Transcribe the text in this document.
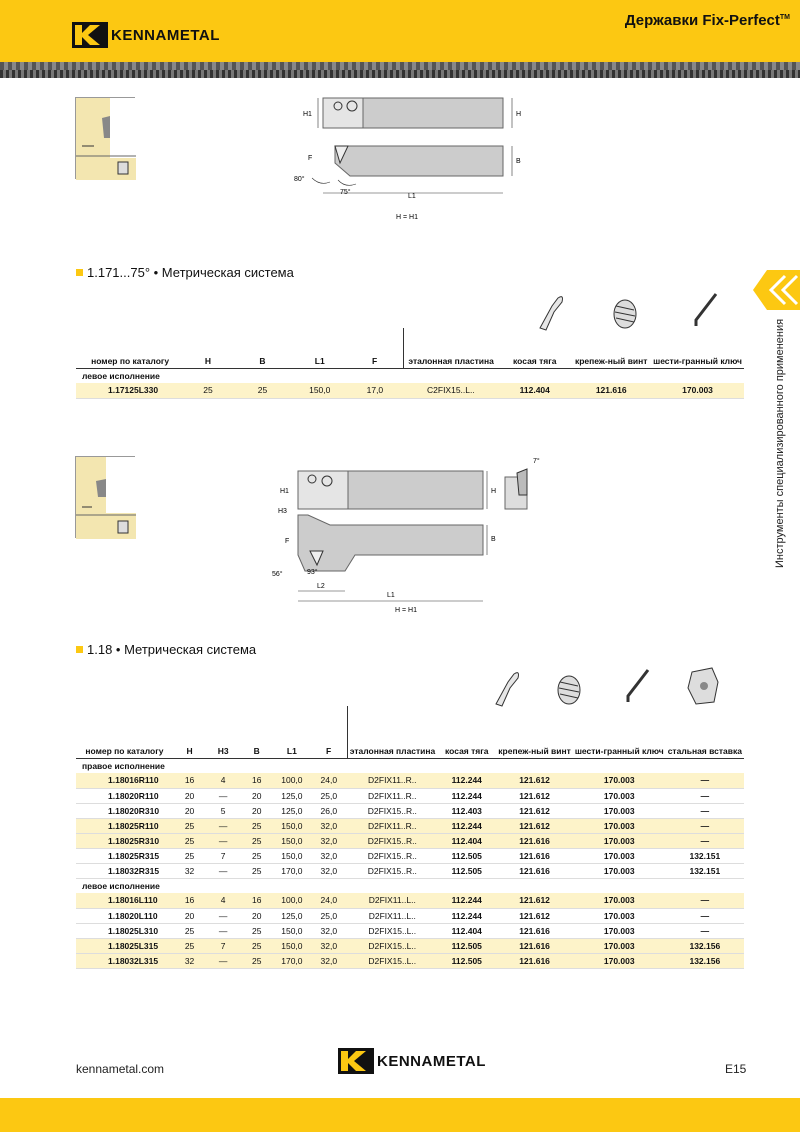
KENNAMETAL
Державки Fix-Perfect™
Инструменты специализированного применения
H1	H
B
F
80°
75°
L1
H = H1
1.171...75° • Метрическая система
номер по каталогу	H	B	L1	F	эталонная пластина	косая тяга	крепеж-ный винт	шести-гранный ключ
левое исполнение								
1.17125L330	25	25	150,0	17,0	C2FIX15..L..	112.404	121.616	170.003
H1
H3
H
B
F
56°	93°
7°
L2
L1
H = H1
1.18 • Метрическая система
номер по каталогу	H	H3	B	L1	F	эталонная пластина	косая тяга	крепеж-ный винт	шести-гранный ключ	стальная вставка
правое исполнение										
1.18016R110	16	4	16	100,0	24,0	D2FIX11..R..	112.244	121.612	170.003	—
1.18020R110	20	—	20	125,0	25,0	D2FIX11..R..	112.244	121.612	170.003	—
1.18020R310	20	5	20	125,0	26,0	D2FIX15..R..	112.403	121.612	170.003	—
1.18025R110	25	—	25	150,0	32,0	D2FIX11..R..	112.244	121.612	170.003	—
1.18025R310	25	—	25	150,0	32,0	D2FIX15..R..	112.404	121.616	170.003	—
1.18025R315	25	7	25	150,0	32,0	D2FIX15..R..	112.505	121.616	170.003	132.151
1.18032R315	32	—	25	170,0	32,0	D2FIX15..R..	112.505	121.616	170.003	132.151
левое исполнение										
1.18016L110	16	4	16	100,0	24,0	D2FIX11..L..	112.244	121.612	170.003	—
1.18020L110	20	—	20	125,0	25,0	D2FIX11..L..	112.244	121.612	170.003	—
1.18025L310	25	—	25	150,0	32,0	D2FIX15..L..	112.404	121.616	170.003	—
1.18025L315	25	7	25	150,0	32,0	D2FIX15..L..	112.505	121.616	170.003	132.156
1.18032L315	32	—	25	170,0	32,0	D2FIX15..L..	112.505	121.616	170.003	132.156
kennametal.com	KENNAMETAL	E15
